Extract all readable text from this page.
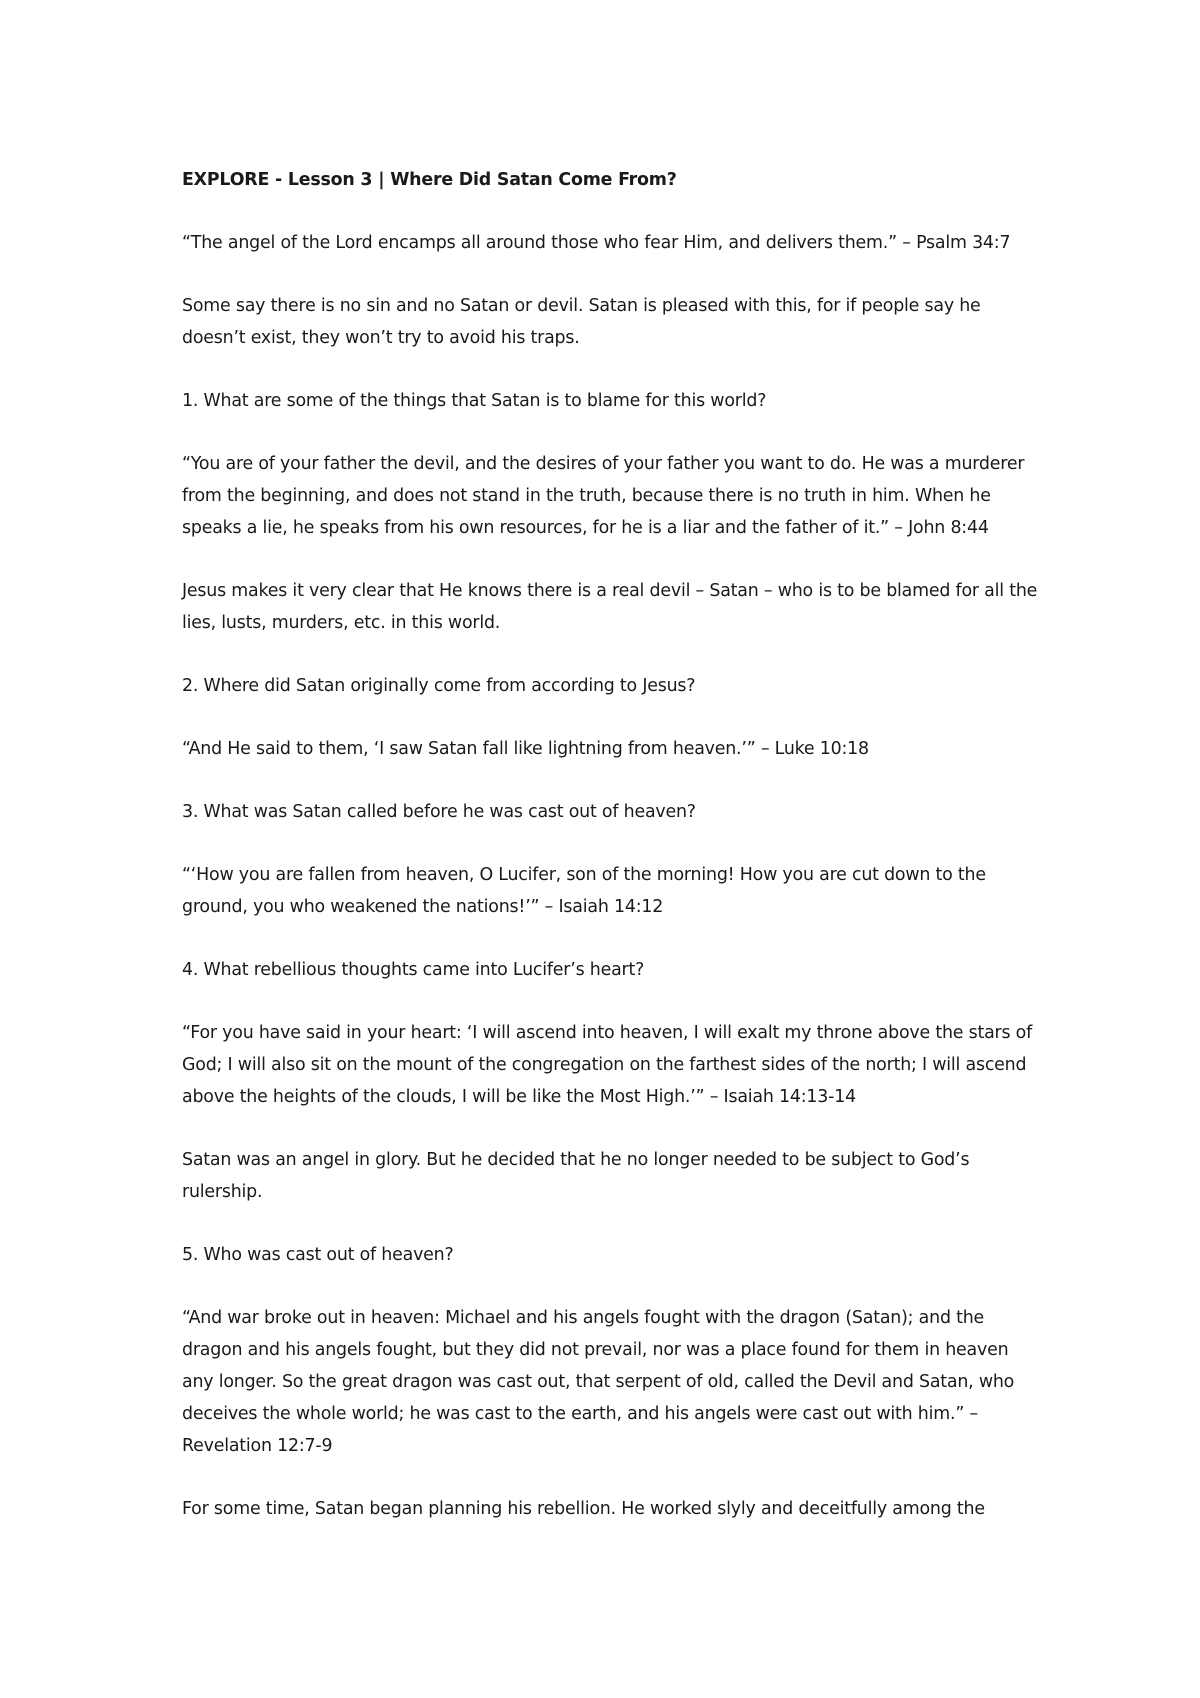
EXPLORE - Lesson 3 | Where Did Satan Come From?

“The angel of the Lord encamps all around those who fear Him, and delivers them.” – Psalm 34:7

Some say there is no sin and no Satan or devil. Satan is pleased with this, for if people say he doesn’t exist, they won’t try to avoid his traps.

1. What are some of the things that Satan is to blame for this world?

“You are of your father the devil, and the desires of your father you want to do. He was a murderer from the beginning, and does not stand in the truth, because there is no truth in him. When he speaks a lie, he speaks from his own resources, for he is a liar and the father of it.” – John 8:44

Jesus makes it very clear that He knows there is a real devil – Satan – who is to be blamed for all the lies, lusts, murders, etc. in this world.

2. Where did Satan originally come from according to Jesus?

“And He said to them, ‘I saw Satan fall like lightning from heaven.’” – Luke 10:18

3. What was Satan called before he was cast out of heaven?

“‘How you are fallen from heaven, O Lucifer, son of the morning! How you are cut down to the ground, you who weakened the nations!’” – Isaiah 14:12

4. What rebellious thoughts came into Lucifer’s heart?

“For you have said in your heart: ‘I will ascend into heaven, I will exalt my throne above the stars of God; I will also sit on the mount of the congregation on the farthest sides of the north; I will ascend above the heights of the clouds, I will be like the Most High.’” – Isaiah 14:13-14

Satan was an angel in glory. But he decided that he no longer needed to be subject to God’s rulership.

5. Who was cast out of heaven?

“And war broke out in heaven: Michael and his angels fought with the dragon (Satan); and the dragon and his angels fought, but they did not prevail, nor was a place found for them in heaven any longer. So the great dragon was cast out, that serpent of old, called the Devil and Satan, who deceives the whole world; he was cast to the earth, and his angels were cast out with him.” – Revelation 12:7-9

For some time, Satan began planning his rebellion. He worked slyly and deceitfully among the
